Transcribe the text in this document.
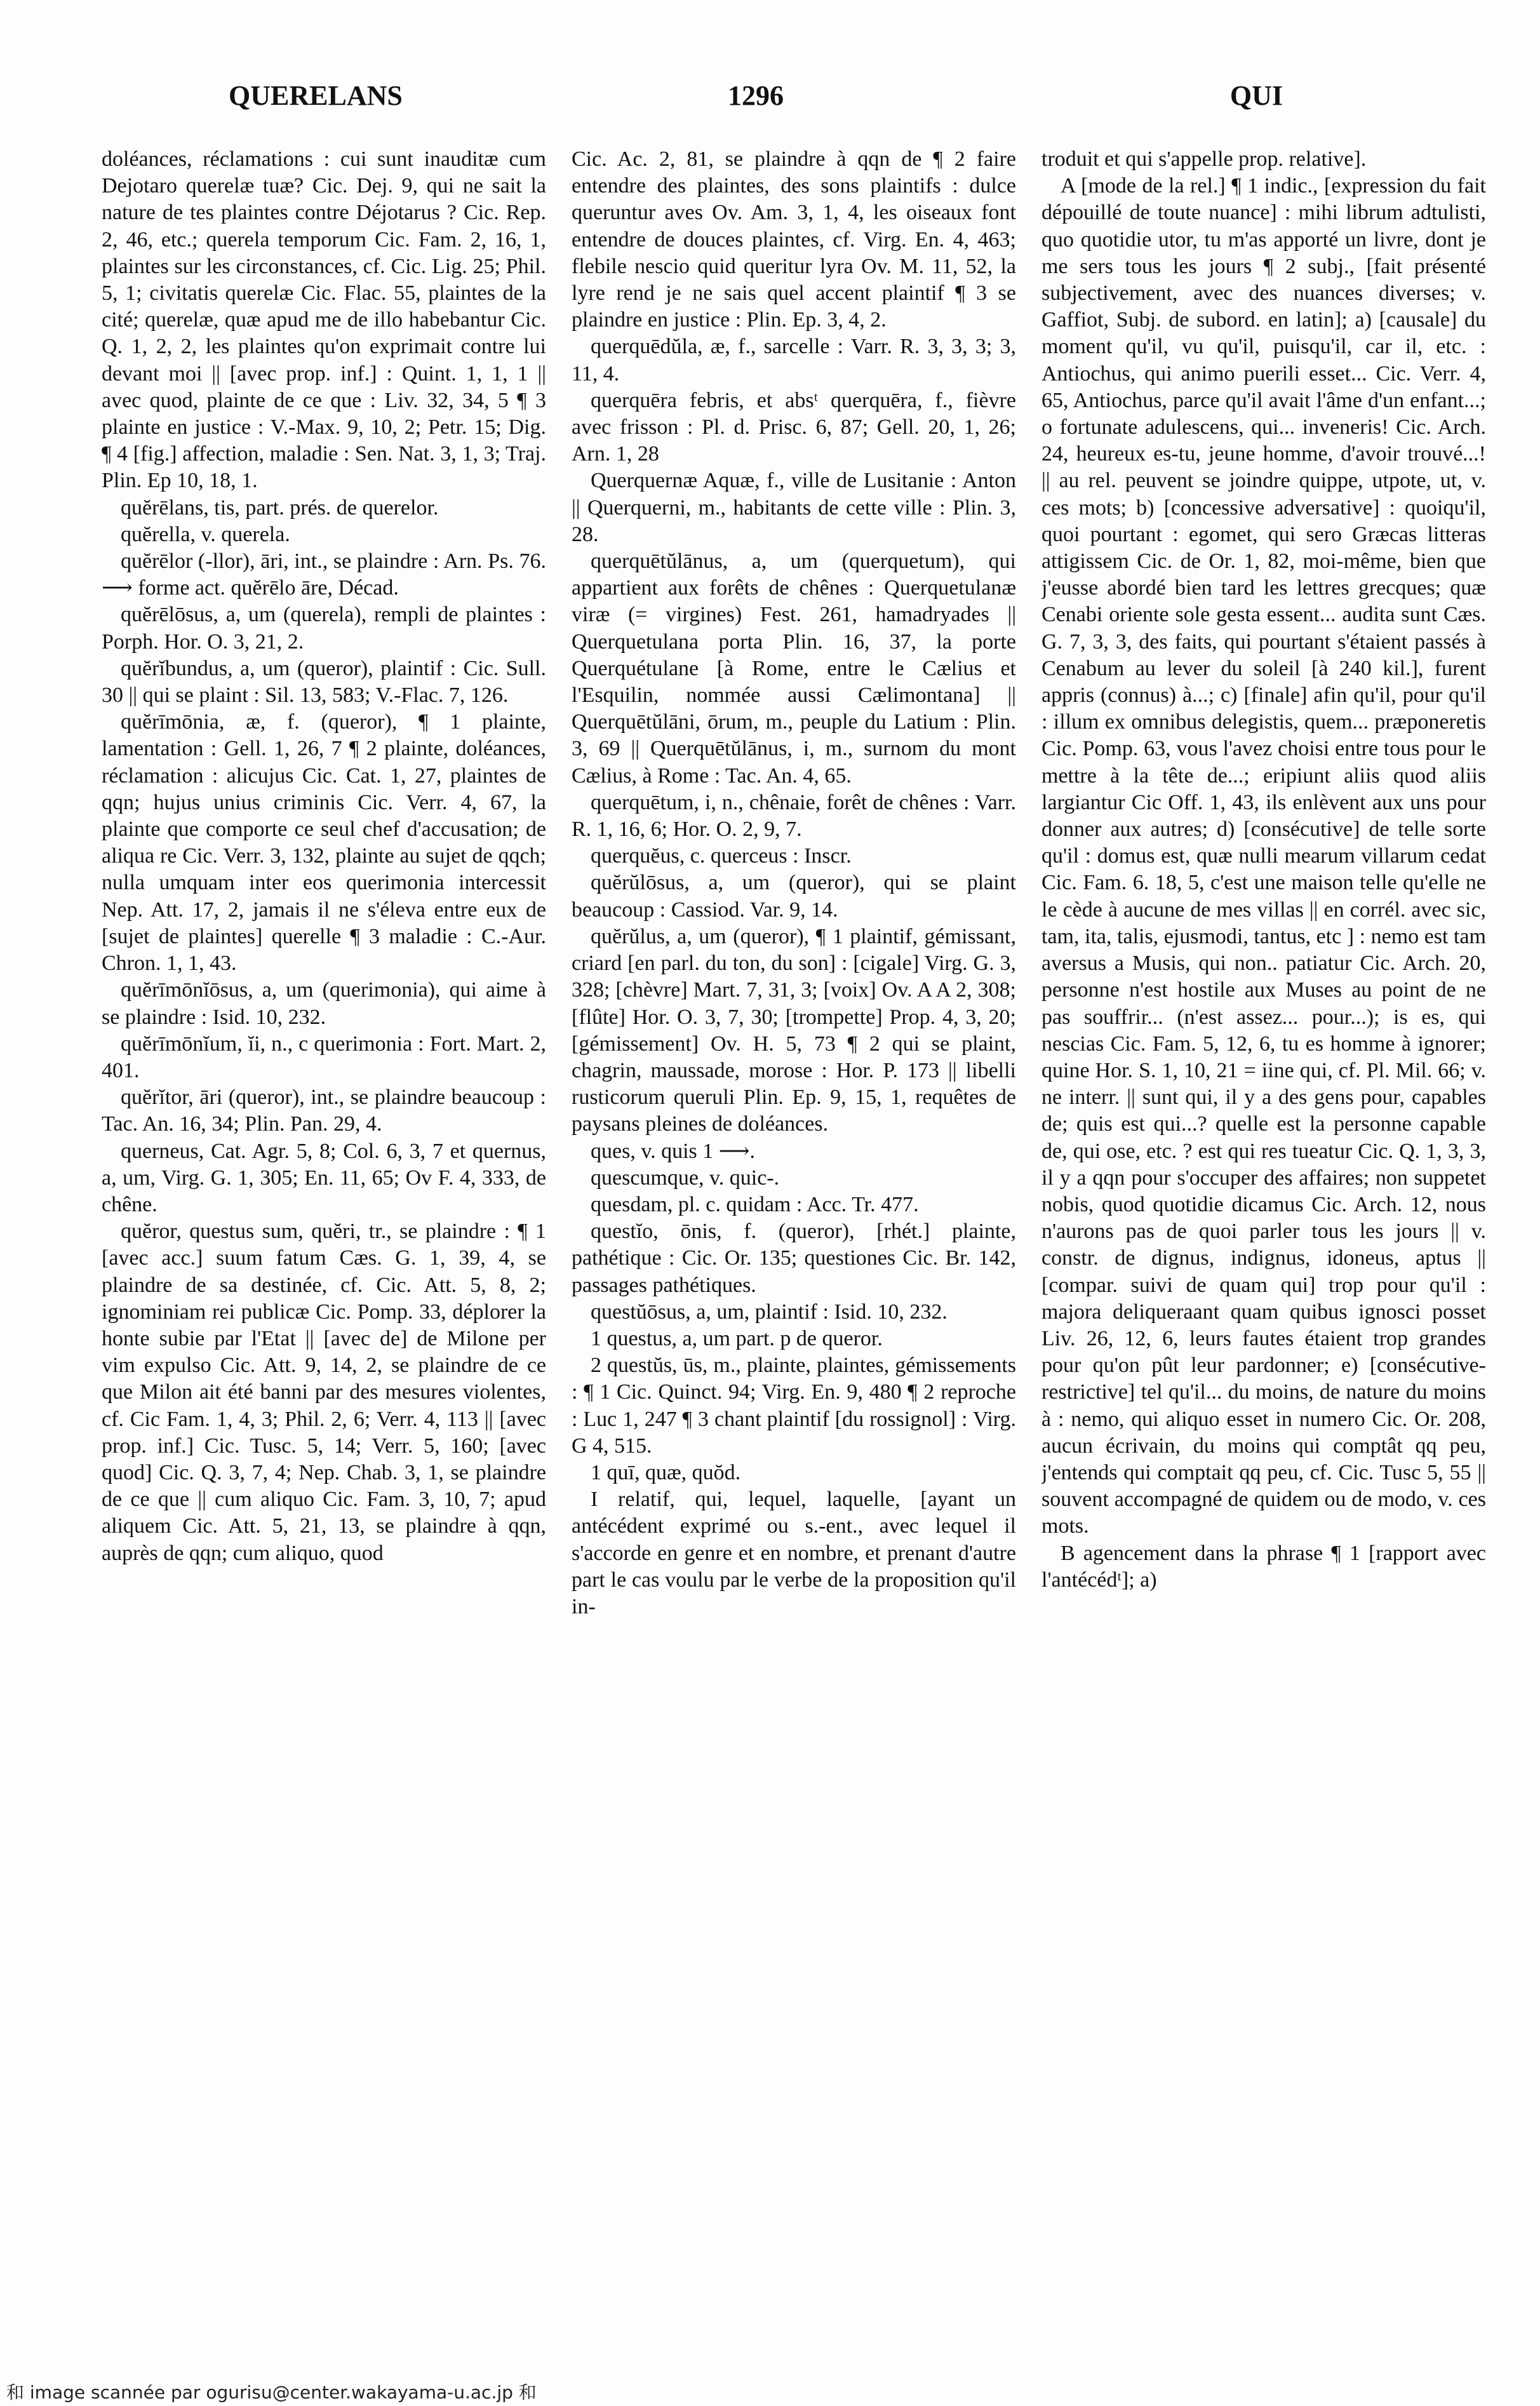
QUERELANS	1296	QUI

doléances, réclamations : cui sunt inauditæ cum Dejotaro querelæ tuæ? Cic. Dej. 9, qui ne sait la nature de tes plaintes contre Déjotarus ? Cic. Rep. 2, 46, etc.; querela temporum Cic. Fam. 2, 16, 1, plaintes sur les circonstances, cf. Cic. Lig. 25; Phil. 5, 1; civitatis querelæ Cic. Flac. 55, plaintes de la cité; querelæ, quæ apud me de illo habebantur Cic. Q. 1, 2, 2, les plaintes qu'on exprimait contre lui devant moi || [avec prop. inf.] : Quint. 1, 1, 1 || avec quod, plainte de ce que : Liv. 32, 34, 5 ¶ 3 plainte en justice : V.-Max. 9, 10, 2; Petr. 15; Dig. ¶ 4 [fig.] affection, maladie : Sen. Nat. 3, 1, 3; Traj. Plin. Ep 10, 18, 1.

quĕrēlans, tis, part. prés. de querelor.

quĕrella, v. querela.

quĕrēlor (-llor), āri, int., se plaindre : Arn. Ps. 76. ⟶ forme act. quĕrēlo āre, Décad.

quĕrēlōsus, a, um (querela), rempli de plaintes : Porph. Hor. O. 3, 21, 2.

quĕrĭbundus, a, um (queror), plaintif : Cic. Sull. 30 || qui se plaint : Sil. 13, 583; V.-Flac. 7, 126.

quĕrīmōnia, æ, f. (queror), ¶ 1 plainte, lamentation : Gell. 1, 26, 7 ¶ 2 plainte, doléances, réclamation : alicujus Cic. Cat. 1, 27, plaintes de qqn; hujus unius criminis Cic. Verr. 4, 67, la plainte que comporte ce seul chef d'accusation; de aliqua re Cic. Verr. 3, 132, plainte au sujet de qqch; nulla umquam inter eos querimonia intercessit Nep. Att. 17, 2, jamais il ne s'éleva entre eux de [sujet de plaintes] querelle ¶ 3 maladie : C.-Aur. Chron. 1, 1, 43.

quĕrīmōnĭōsus, a, um (querimonia), qui aime à se plaindre : Isid. 10, 232.

quĕrīmōnĭum, ĭi, n., c querimonia : Fort. Mart. 2, 401.

quĕrĭtor, āri (queror), int., se plaindre beaucoup : Tac. An. 16, 34; Plin. Pan. 29, 4.

querneus, Cat. Agr. 5, 8; Col. 6, 3, 7 et quernus, a, um, Virg. G. 1, 305; En. 11, 65; Ov F. 4, 333, de chêne.

quĕror, questus sum, quĕri, tr., se plaindre : ¶ 1 [avec acc.] suum fatum Cæs. G. 1, 39, 4, se plaindre de sa destinée, cf. Cic. Att. 5, 8, 2; ignominiam rei publicæ Cic. Pomp. 33, déplorer la honte subie par l'Etat || [avec de] de Milone per vim expulso Cic. Att. 9, 14, 2, se plaindre de ce que Milon ait été banni par des mesures violentes, cf. Cic Fam. 1, 4, 3; Phil. 2, 6; Verr. 4, 113 || [avec prop. inf.] Cic. Tusc. 5, 14; Verr. 5, 160; [avec quod] Cic. Q. 3, 7, 4; Nep. Chab. 3, 1, se plaindre de ce que || cum aliquo Cic. Fam. 3, 10, 7; apud aliquem Cic. Att. 5, 21, 13, se plaindre à qqn, auprès de qqn; cum aliquo, quod

Cic. Ac. 2, 81, se plaindre à qqn de ¶ 2 faire entendre des plaintes, des sons plaintifs : dulce queruntur aves Ov. Am. 3, 1, 4, les oiseaux font entendre de douces plaintes, cf. Virg. En. 4, 463; flebile nescio quid queritur lyra Ov. M. 11, 52, la lyre rend je ne sais quel accent plaintif ¶ 3 se plaindre en justice : Plin. Ep. 3, 4, 2.

querquēdŭla, æ, f., sarcelle : Varr. R. 3, 3, 3; 3, 11, 4.

querquēra febris, et absᵗ querquēra, f., fièvre avec frisson : Pl. d. Prisc. 6, 87; Gell. 20, 1, 26; Arn. 1, 28

Querquernæ Aquæ, f., ville de Lusitanie : Anton || Querquerni, m., habitants de cette ville : Plin. 3, 28.

querquētŭlānus, a, um (querquetum), qui appartient aux forêts de chênes : Querquetulanæ viræ (= virgines) Fest. 261, hamadryades || Querquetulana porta Plin. 16, 37, la porte Querquétulane [à Rome, entre le Cælius et l'Esquilin, nommée aussi Cælimontana] || Querquētŭlāni, ōrum, m., peuple du Latium : Plin. 3, 69 || Querquētŭlānus, i, m., surnom du mont Cælius, à Rome : Tac. An. 4, 65.

querquētum, i, n., chênaie, forêt de chênes : Varr. R. 1, 16, 6; Hor. O. 2, 9, 7.

querquĕus, c. querceus : Inscr.

quĕrŭlōsus, a, um (queror), qui se plaint beaucoup : Cassiod. Var. 9, 14.

quĕrŭlus, a, um (queror), ¶ 1 plaintif, gémissant, criard [en parl. du ton, du son] : [cigale] Virg. G. 3, 328; [chèvre] Mart. 7, 31, 3; [voix] Ov. A A 2, 308; [flûte] Hor. O. 3, 7, 30; [trompette] Prop. 4, 3, 20; [gémissement] Ov. H. 5, 73 ¶ 2 qui se plaint, chagrin, maussade, morose : Hor. P. 173 || libelli rusticorum queruli Plin. Ep. 9, 15, 1, requêtes de paysans pleines de doléances.

ques, v. quis 1 ⟶.

quescumque, v. quic-.

quesdam, pl. c. quidam : Acc. Tr. 477.

questĭo, ōnis, f. (queror), [rhét.] plainte, pathétique : Cic. Or. 135; questiones Cic. Br. 142, passages pathétiques.

questŭōsus, a, um, plaintif : Isid. 10, 232.

1 questus, a, um part. p de queror.

2 questŭs, ūs, m., plainte, plaintes, gémissements : ¶ 1 Cic. Quinct. 94; Virg. En. 9, 480 ¶ 2 reproche : Luc 1, 247 ¶ 3 chant plaintif [du rossignol] : Virg. G 4, 515.

1 quī, quæ, quŏd.

I relatif, qui, lequel, laquelle, [ayant un antécédent exprimé ou s.-ent., avec lequel il s'accorde en genre et en nombre, et prenant d'autre part le cas voulu par le verbe de la proposition qu'il in-

troduit et qui s'appelle prop. relative].

A [mode de la rel.] ¶ 1 indic., [expression du fait dépouillé de toute nuance] : mihi librum adtulisti, quo quotidie utor, tu m'as apporté un livre, dont je me sers tous les jours ¶ 2 subj., [fait présenté subjectivement, avec des nuances diverses; v. Gaffiot, Subj. de subord. en latin]; a) [causale] du moment qu'il, vu qu'il, puisqu'il, car il, etc. : Antiochus, qui animo puerili esset... Cic. Verr. 4, 65, Antiochus, parce qu'il avait l'âme d'un enfant...; o fortunate adulescens, qui... inveneris! Cic. Arch. 24, heureux es-tu, jeune homme, d'avoir trouvé...! || au rel. peuvent se joindre quippe, utpote, ut, v. ces mots; b) [concessive adversative] : quoiqu'il, quoi pourtant : egomet, qui sero Græcas litteras attigissem Cic. de Or. 1, 82, moi-même, bien que j'eusse abordé bien tard les lettres grecques; quæ Cenabi oriente sole gesta essent... audita sunt Cæs. G. 7, 3, 3, des faits, qui pourtant s'étaient passés à Cenabum au lever du soleil [à 240 kil.], furent appris (connus) à...; c) [finale] afin qu'il, pour qu'il : illum ex omnibus delegistis, quem... præponeretis Cic. Pomp. 63, vous l'avez choisi entre tous pour le mettre à la tête de...; eripiunt aliis quod aliis largiantur Cic Off. 1, 43, ils enlèvent aux uns pour donner aux autres; d) [consécutive] de telle sorte qu'il : domus est, quæ nulli mearum villarum cedat Cic. Fam. 6. 18, 5, c'est une maison telle qu'elle ne le cède à aucune de mes villas || en corrél. avec sic, tam, ita, talis, ejusmodi, tantus, etc ] : nemo est tam aversus a Musis, qui non.. patiatur Cic. Arch. 20, personne n'est hostile aux Muses au point de ne pas souffrir... (n'est assez... pour...); is es, qui nescias Cic. Fam. 5, 12, 6, tu es homme à ignorer; quine Hor. S. 1, 10, 21 = iine qui, cf. Pl. Mil. 66; v. ne interr. || sunt qui, il y a des gens pour, capables de; quis est qui...? quelle est la personne capable de, qui ose, etc. ? est qui res tueatur Cic. Q. 1, 3, 3, il y a qqn pour s'occuper des affaires; non suppetet nobis, quod quotidie dicamus Cic. Arch. 12, nous n'aurons pas de quoi parler tous les jours || v. constr. de dignus, indignus, idoneus, aptus || [compar. suivi de quam qui] trop pour qu'il : majora deliqueraant quam quibus ignosci posset Liv. 26, 12, 6, leurs fautes étaient trop grandes pour qu'on pût leur pardonner; e) [consécutive-restrictive] tel qu'il... du moins, de nature du moins à : nemo, qui aliquo esset in numero Cic. Or. 208, aucun écrivain, du moins qui comptât qq peu, j'entends qui comptait qq peu, cf. Cic. Tusc 5, 55 || souvent accompagné de quidem ou de modo, v. ces mots.

B agencement dans la phrase ¶ 1 [rapport avec l'antécédᵗ]; a)

和 image scannée par ogurisu@center.wakayama-u.ac.jp 和
